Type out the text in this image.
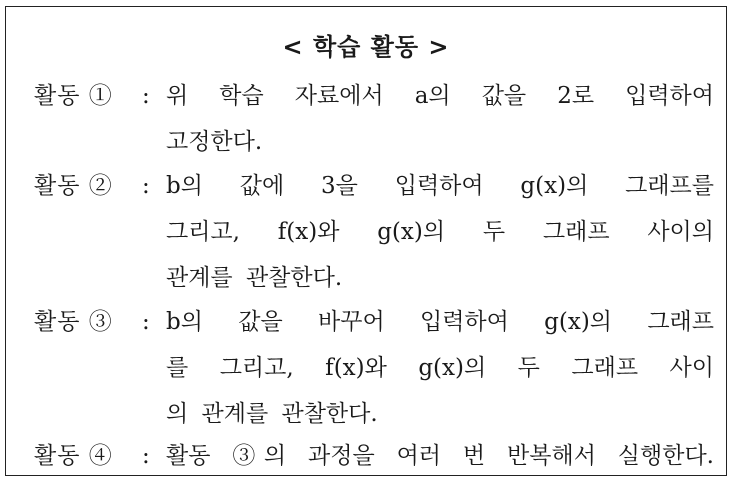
< 학습 활동 >
활동 ① : 위 학습 자료에서 a의 값을 2로 입력하여
고정한다.
활동 ② : b의 값에 3을 입력하여 g(x)의 그래프를
그리고, f(x)와 g(x)의 두 그래프 사이의
관계를 관찰한다.
활동 ③ : b의 값을 바꾸어 입력하여 g(x)의 그래프
를 그리고, f(x)와 g(x)의 두 그래프 사이
의 관계를 관찰한다.
활동 ④ : 활동 ③의 과정을 여러 번 반복해서 실행한다.
